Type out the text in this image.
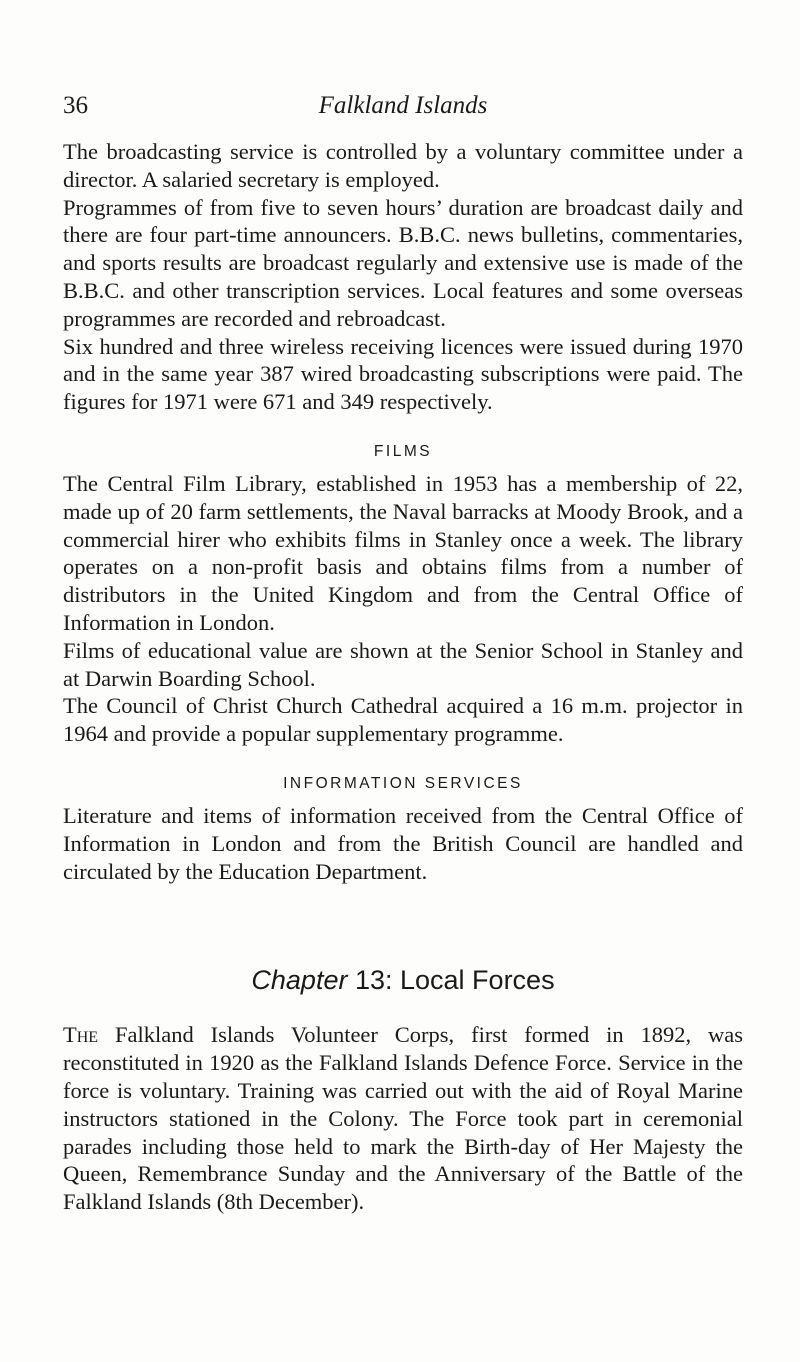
36	Falkland Islands

The broadcasting service is controlled by a voluntary committee under a director. A salaried secretary is employed.

Programmes of from five to seven hours’ duration are broadcast daily and there are four part-time announcers. B.B.C. news bulletins, commentaries, and sports results are broadcast regularly and extensive use is made of the B.B.C. and other transcription services. Local features and some overseas programmes are recorded and rebroadcast.

Six hundred and three wireless receiving licences were issued during 1970 and in the same year 387 wired broadcasting subscriptions were paid. The figures for 1971 were 671 and 349 respectively.

FILMS

The Central Film Library, established in 1953 has a membership of 22, made up of 20 farm settlements, the Naval barracks at Moody Brook, and a commercial hirer who exhibits films in Stanley once a week. The library operates on a non-profit basis and obtains films from a number of distributors in the United Kingdom and from the Central Office of Information in London.

Films of educational value are shown at the Senior School in Stanley and at Darwin Boarding School.

The Council of Christ Church Cathedral acquired a 16 m.m. projector in 1964 and provide a popular supplementary programme.

INFORMATION SERVICES

Literature and items of information received from the Central Office of Information in London and from the British Council are handled and circulated by the Education Department.

Chapter 13: Local Forces

The Falkland Islands Volunteer Corps, first formed in 1892, was reconstituted in 1920 as the Falkland Islands Defence Force. Service in the force is voluntary. Training was carried out with the aid of Royal Marine instructors stationed in the Colony. The Force took part in ceremonial parades including those held to mark the Birth-day of Her Majesty the Queen, Remembrance Sunday and the Anniversary of the Battle of the Falkland Islands (8th December).
